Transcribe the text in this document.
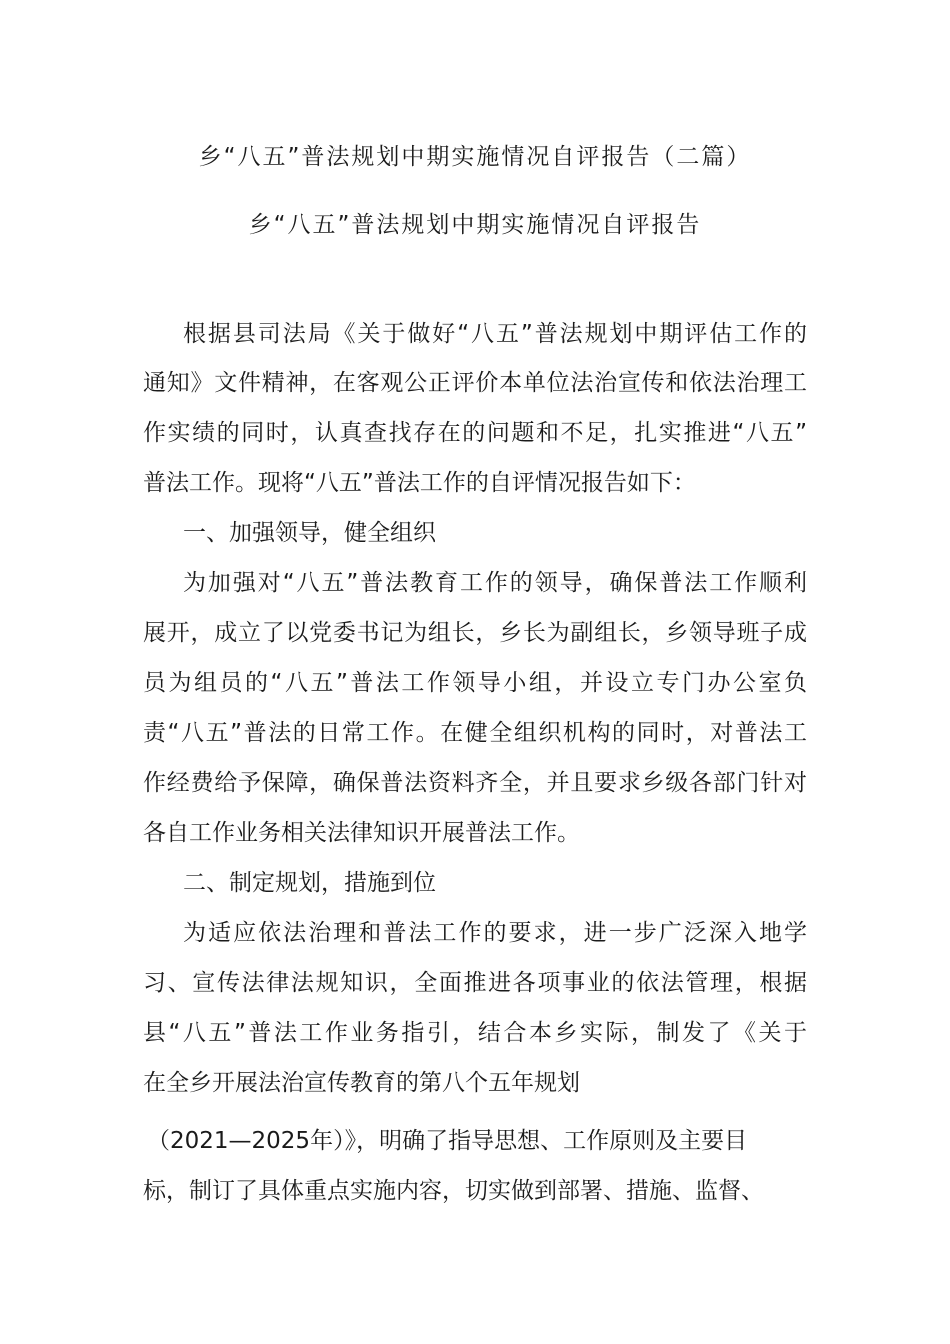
乡“八五”普法规划中期实施情况自评报告（二篇）
乡“八五”普法规划中期实施情况自评报告
根据县司法局《关于做好“八五”普法规划中期评估工作的
通知》文件精神，在客观公正评价本单位法治宣传和依法治理工
作实绩的同时，认真查找存在的问题和不足，扎实推进“八五”
普法工作。现将“八五”普法工作的自评情况报告如下：
一、加强领导，健全组织
为加强对“八五”普法教育工作的领导，确保普法工作顺利
展开，成立了以党委书记为组长，乡长为副组长，乡领导班子成
员为组员的“八五”普法工作领导小组，并设立专门办公室负
责“八五”普法的日常工作。在健全组织机构的同时，对普法工
作经费给予保障，确保普法资料齐全，并且要求乡级各部门针对
各自工作业务相关法律知识开展普法工作。
二、制定规划，措施到位
为适应依法治理和普法工作的要求，进一步广泛深入地学
习、宣传法律法规知识，全面推进各项事业的依法管理，根据
县“八五”普法工作业务指引，结合本乡实际，制发了《关于
在全乡开展法治宣传教育的第八个五年规划
（2021—2025年）》，明确了指导思想、工作原则及主要目
标，制订了具体重点实施内容，切实做到部署、措施、监督、
